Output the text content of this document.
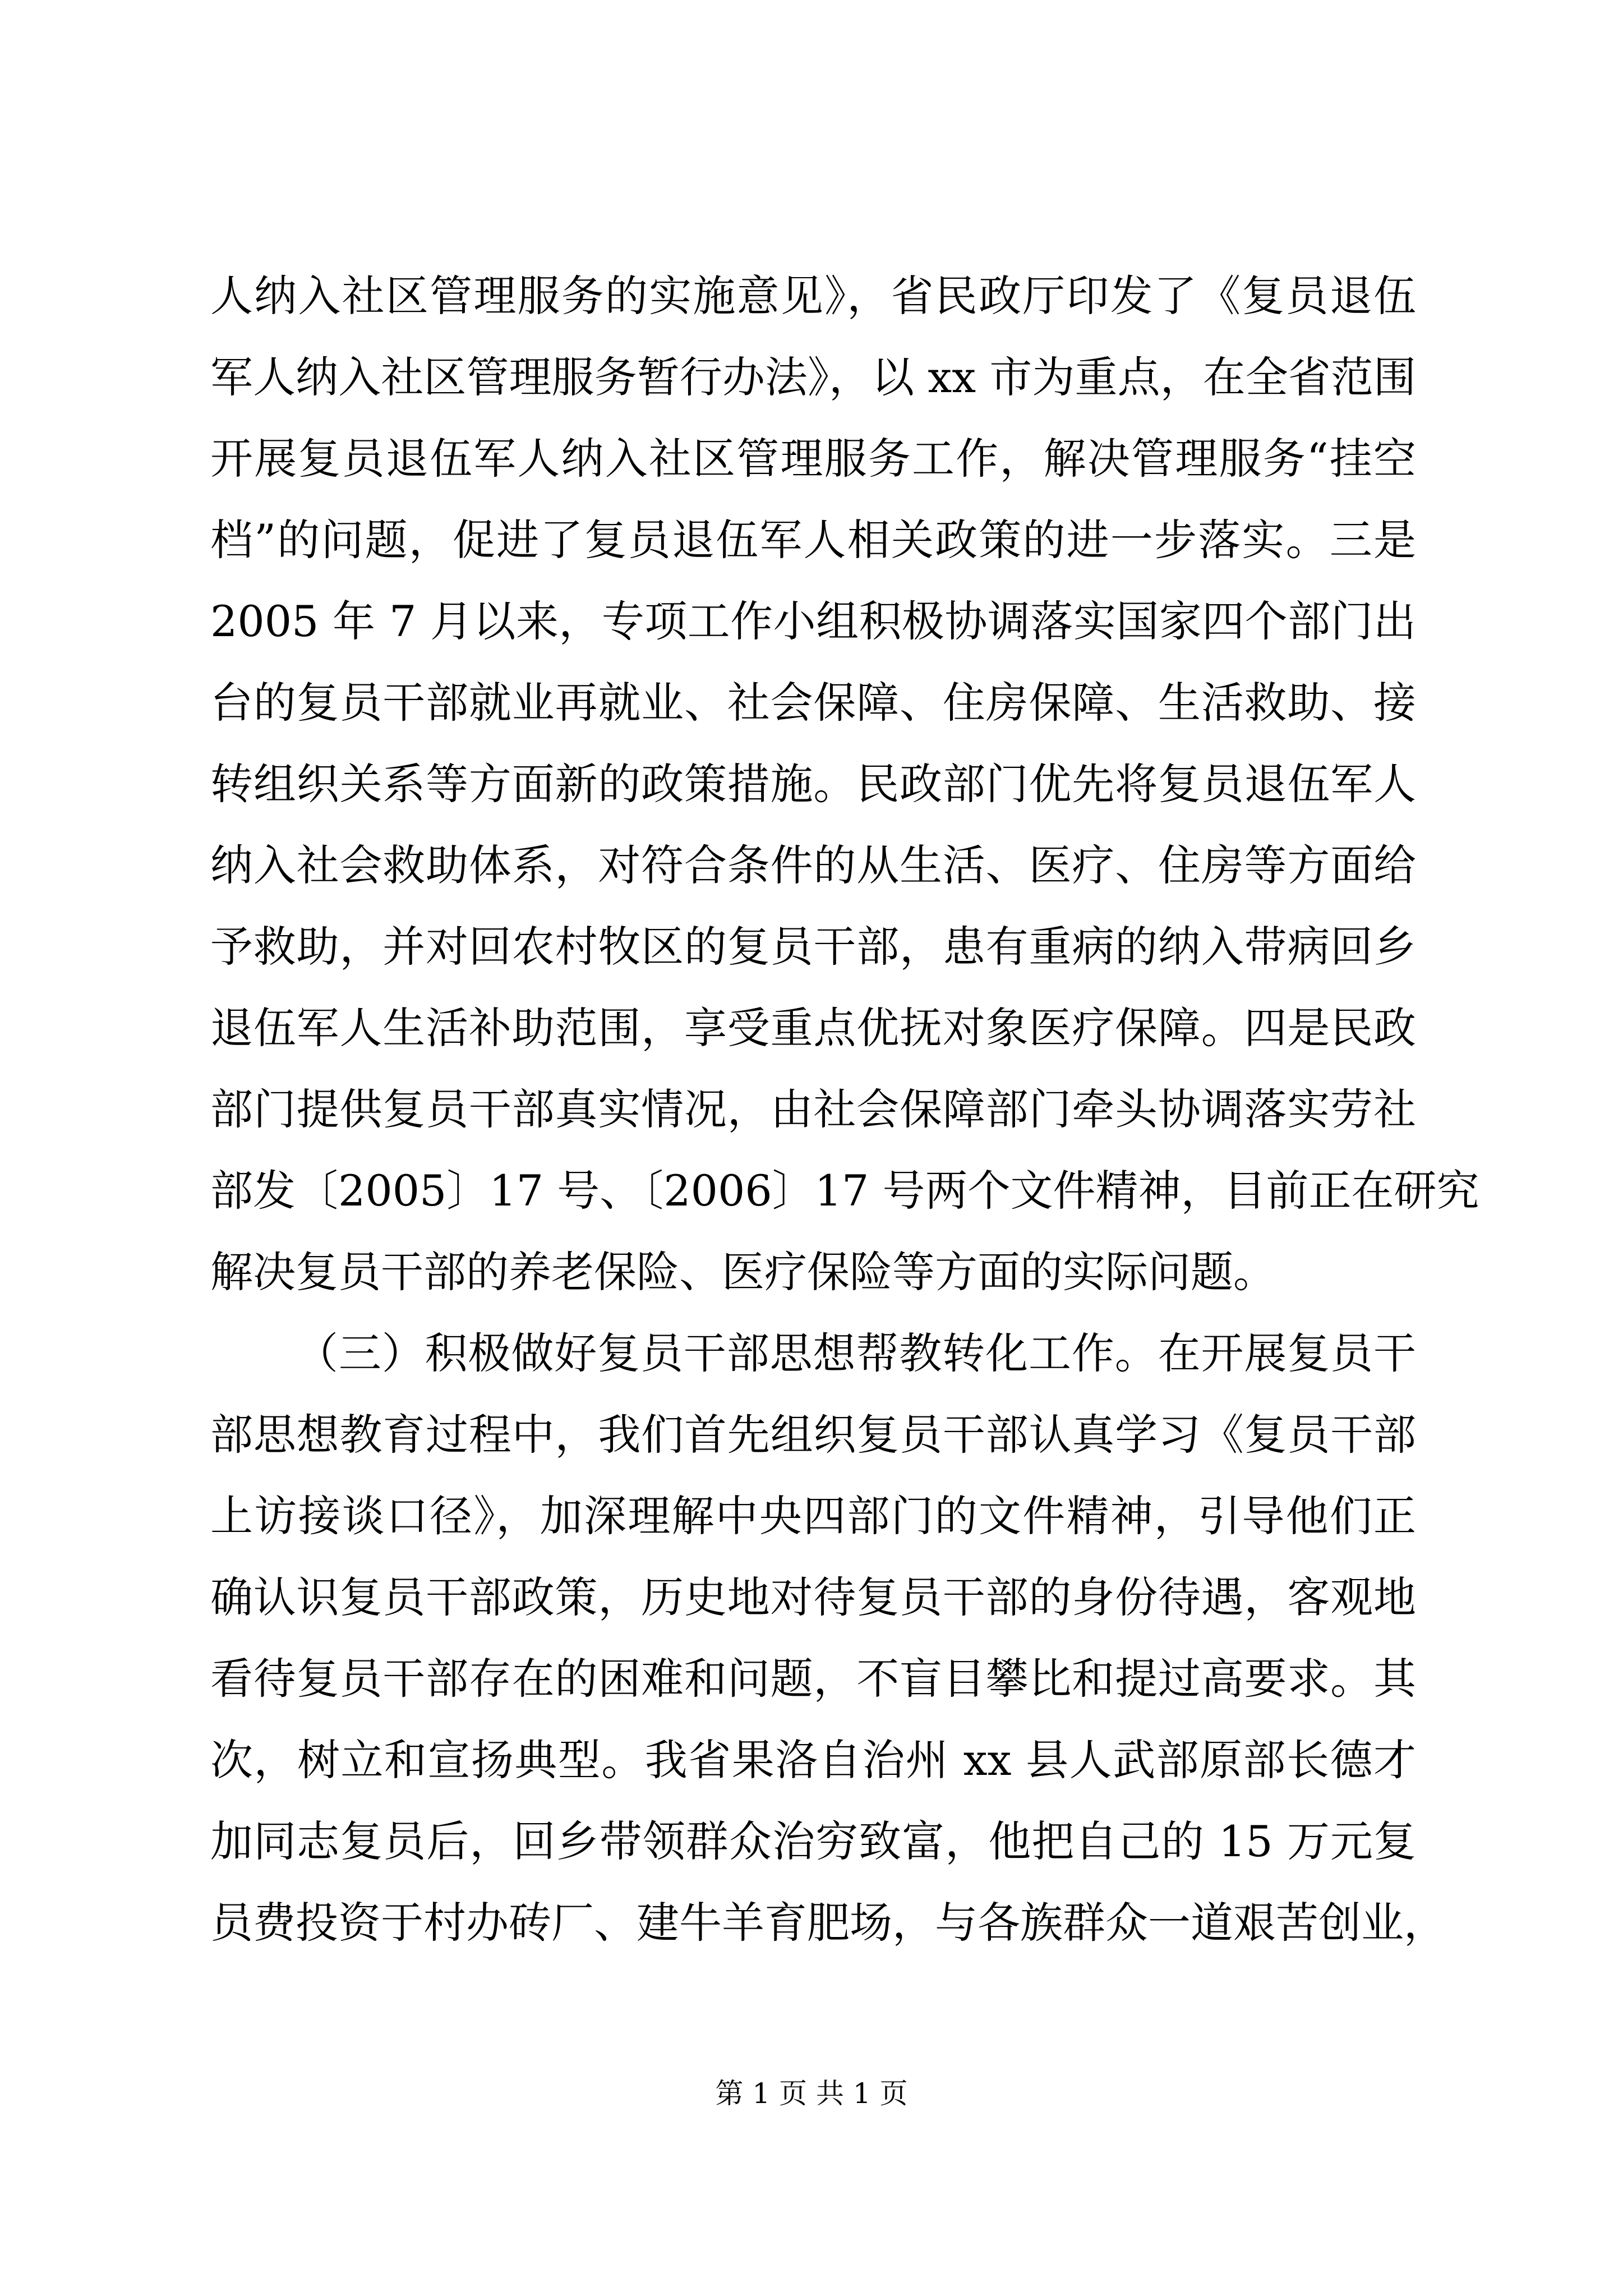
人纳入社区管理服务的实施意见》，省民政厅印发了《复员退伍
军人纳入社区管理服务暂行办法》，以 xx 市为重点，在全省范围
开展复员退伍军人纳入社区管理服务工作，解决管理服务“挂空
档”的问题，促进了复员退伍军人相关政策的进一步落实。三是
2005 年 7 月以来，专项工作小组积极协调落实国家四个部门出
台的复员干部就业再就业、社会保障、住房保障、生活救助、接
转组织关系等方面新的政策措施。民政部门优先将复员退伍军人
纳入社会救助体系，对符合条件的从生活、医疗、住房等方面给
予救助，并对回农村牧区的复员干部，患有重病的纳入带病回乡
退伍军人生活补助范围，享受重点优抚对象医疗保障。四是民政
部门提供复员干部真实情况，由社会保障部门牵头协调落实劳社
部发〔2005〕17 号、〔2006〕17 号两个文件精神，目前正在研究
解决复员干部的养老保险、医疗保险等方面的实际问题。
（三）积极做好复员干部思想帮教转化工作。在开展复员干
部思想教育过程中，我们首先组织复员干部认真学习《复员干部
上访接谈口径》，加深理解中央四部门的文件精神，引导他们正
确认识复员干部政策，历史地对待复员干部的身份待遇，客观地
看待复员干部存在的困难和问题，不盲目攀比和提过高要求。其
次，树立和宣扬典型。我省果洛自治州 xx 县人武部原部长德才
加同志复员后，回乡带领群众治穷致富，他把自己的 15 万元复
员费投资于村办砖厂、建牛羊育肥场，与各族群众一道艰苦创业，
第 1 页 共 1 页
